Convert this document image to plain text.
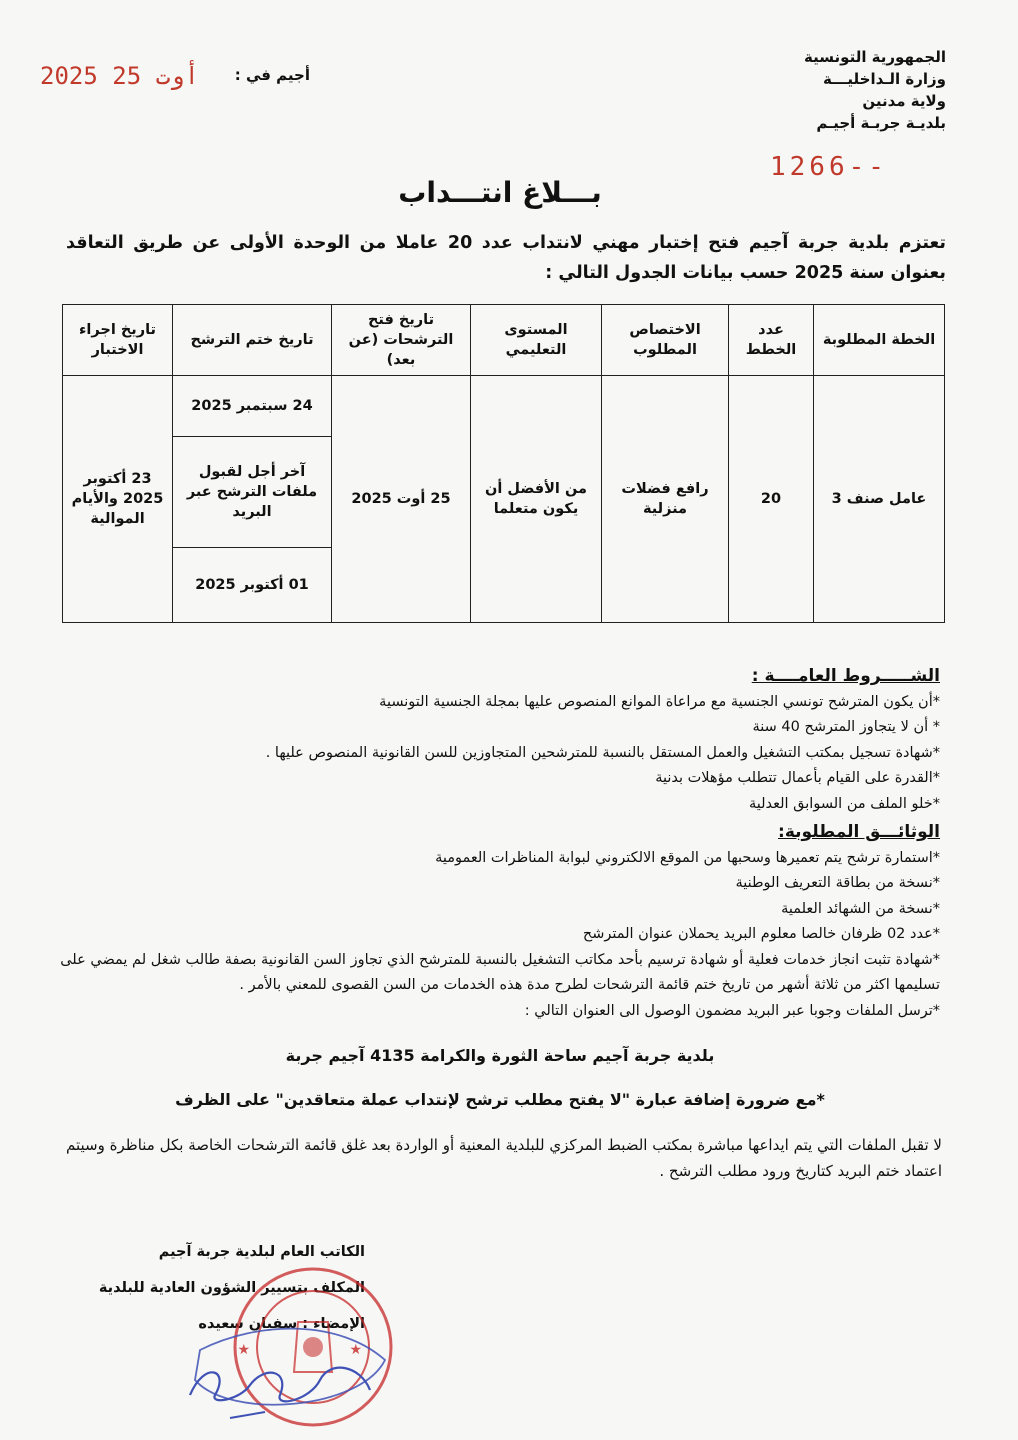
الجمهورية التونسية
وزارة الـداخليـــة
ولاية مدنين
بلديـة جربـة أجيـم
أجيم في :
2025 أوت 25
1266--
بـــلاغ انتـــداب
تعتزم بلدية جربة آجيم فتح إختبار مهني لانتداب عدد 20 عاملا من الوحدة الأولى عن طريق التعاقد بعنوان سنة 2025 حسب بيانات الجدول التالي :
الخطة المطلوبة	عدد الخطط	الاختصاص المطلوب	المستوى التعليمي	تاريخ فتح الترشحات (عن بعد)	تاريخ ختم الترشح	تاريخ اجراء الاختبار
عامل صنف 3	20	رافع فضلات منزلية	من الأفضل أن يكون متعلما	25 أوت 2025	24 سبتمبر 2025	23 أكتوبر 2025 والأيام الموالية
					آخر أجل لقبول ملفات الترشح عبر البريد	
					01 أكتوبر 2025	
الشـــــروط العامــــة :
*أن يكون المترشح تونسي الجنسية مع مراعاة الموانع المنصوص عليها بمجلة الجنسية التونسية
* أن لا يتجاوز المترشح 40 سنة
*شهادة تسجيل بمكتب التشغيل والعمل المستقل بالنسبة للمترشحين المتجاوزين للسن القانونية المنصوص عليها .
*القدرة على القيام بأعمال تتطلب مؤهلات بدنية
*خلو الملف من السوابق العدلية
الوثائـــق المطلوبة:
*استمارة ترشح يتم تعميرها وسحبها من الموقع الالكتروني لبوابة المناظرات العمومية
*نسخة من بطاقة التعريف الوطنية
*نسخة من الشهائد العلمية
*عدد 02 ظرفان خالصا معلوم البريد يحملان عنوان المترشح
*شهادة تثبت انجاز خدمات فعلية أو شهادة ترسيم بأحد مكاتب التشغيل بالنسبة للمترشح الذي تجاوز السن القانونية بصفة طالب شغل لم يمضي على تسليمها اكثر من ثلاثة أشهر من تاريخ ختم قائمة الترشحات لطرح مدة هذه الخدمات من السن القصوى للمعني بالأمر .
*ترسل الملفات وجوبا عبر البريد مضمون الوصول الى العنوان التالي :
بلدية جربة آجيم ساحة الثورة والكرامة 4135 آجيم جربة
*مع ضرورة إضافة عبارة "لا يفتح مطلب ترشح لإنتداب عملة متعاقدين" على الظرف
لا تقبل الملفات التي يتم ايداعها مباشرة بمكتب الضبط المركزي للبلدية المعنية أو الواردة بعد غلق قائمة الترشحات الخاصة بكل مناظرة وسيتم اعتماد ختم البريد كتاريخ ورود مطلب الترشح .
الكاتب العام لبلدية جربة آجيم
المكلف بتسيير الشؤون العادية للبلدية
الإمضاء : سفيان سعيده
★	★
